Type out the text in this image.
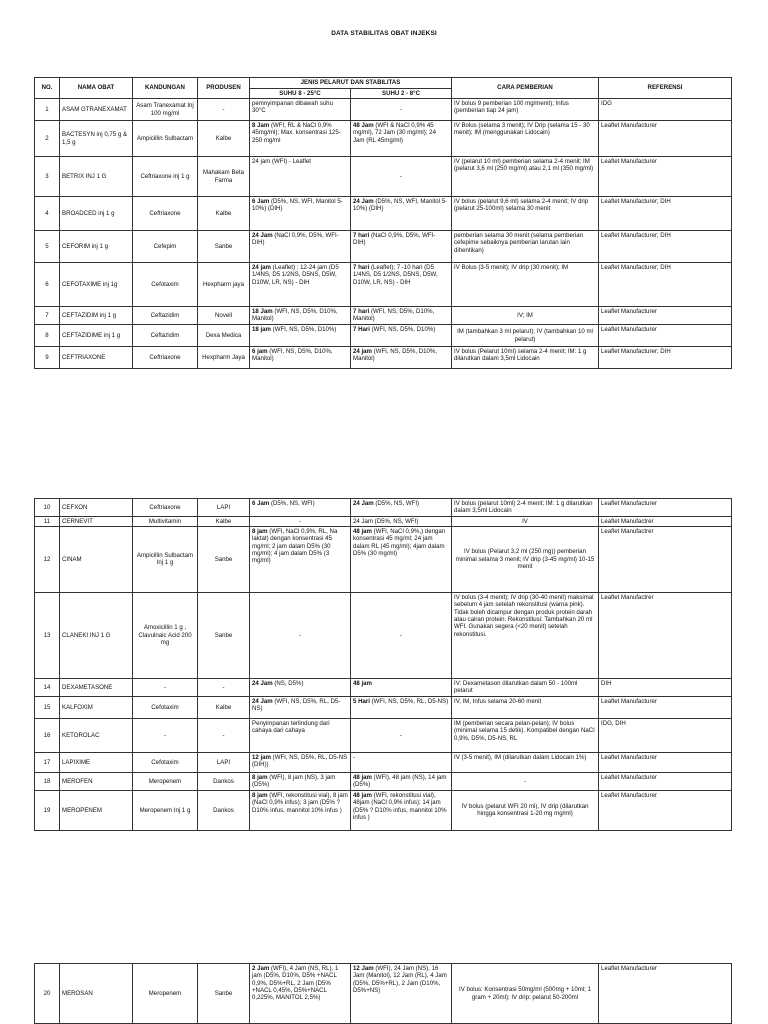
DATA STABILITAS OBAT INJEKSI
NO.	NAMA OBAT	KANDUNGAN	PRODUSEN	JENIS PELARUT DAN STABILITAS		CARA PEMBERIAN	REFERENSI
				SUHU 8 - 25°C	SUHU 2 - 8°C		
1	ASAM GTRANEXAMAT	Asam Tranexamat Inj 100 mg/ml	-	pemnyimpanan dibawah suhu 30°C	-	IV bolus 9 pemberian 100 mg/menit); Infus (pemberian tiap 24 jam)	IDG
2	BACTESYN inj 0,75 g & 1,5 g	Ampicillin Sulbactam	Kalbe	8 Jam (WFI, RL & NaCl 0,9% 45mg/ml); Max. konsentrasi 125-250 mg/ml	48 Jam (WFI & NaCl 0,9% 45 mg/ml), 72 Jam (30 mg/ml); 24 Jam (RL 45mg/ml)	IV Bolus (selama 3 menit); IV Drip (selama 15 - 30 menit); IM (menggunakan Lidocain)	Leaflet Manufacturer
3	BETRIX INJ 1 G	Ceftriaxone inj 1 g	Mahakam Beta Farma	24 jam (WFI) - Leaflet	-	IV (pelarut 10 ml) pemberian selama 2-4 menit; IM (pelarut 3,6 ml (250 mg/ml) atau 2,1 ml (350 mg/ml)	Leaflet Manufacturer
4	BROADCED inj 1 g	Ceftriaxone	Kalbe	6 Jam (D5%, NS, WFI, Manitol 5-10%) (DIH)	24 Jam (D5%, NS, WFI, Manitol 5-10%) (DIH)	IV bolus (pelarut 9,6 ml) selama 2-4 menit; IV drip (pelarut 25-100ml) selama 30 menit	Leaflet Manufacturer; DIH
5	CEFORIM inj 1 g	Cefepim	Sanbe	24 Jam (NaCl 0,9%, D5%, WFI- DIH)	7 hari (NaCl 0,9%, D5%, WFI- DIH)	pemberian selama 30 menit (selama pemberian cefepime sebaiknya pemberian larutan lain dihentikan)	Leaflet Manufacturer; DIH
6	CEFOTAXIME inj 1g	Cefotaxim	Hexpharm jaya	24 jam (Leaflet) ; 12-24 jam (D5 1/4NS, D5 1/2NS, D5NS, D5W, D10W, LR, NS) - DIH	7 hari (Leaflet); 7 -10 hari (D5 1/4NS, D5 1/2NS, D5NS, D5W, D10W, LR, NS) - DIH	IV Bolus (3-5 menit); IV drip (30 menit); IM	Leaflet Manufacturer; DIH
7	CEFTAZIDIM inj 1 g	Ceftazidim	Novell	18 Jam (WFI, NS, D5%, D10%, Manitol)	7 hari (WFI, NS, D5%, D10%, Manitol)	IV; IM	Leaflet Manufacturer
8	CEFTAZIDIME inj 1 g	Ceftazidim	Dexa Medica	18 jam (WFI, NS, D5%, D10%)	7 Hari (WFI, NS, D5%, D10%)	IM (tambahkan 3 ml pelarut); IV (tambahkan 10 ml pelarut)	Leaflet Manufacturer
9	CEFTRIAXONE	Ceftriaxone	Hexpharm Jaya	6 jam (WFI, NS, D5%, D10%, Manitol)	24 jam (WFI, NS, D5%, D10%, Manitol)	IV bolus (Pelarut 10ml) selama 2-4 menit; IM: 1 g dilarutkan dalam 3,5ml Lidocain	Leaflet Manufacturer; DIH
10	CEFXON	Ceftriaxone	LAPI	6 Jam (D5%, NS, WFI)	24 Jam (D5%, NS, WFI)	IV bolus (pelarut 10ml) 2-4 menit; IM: 1 g dilarutkan dalam 3,5ml Lidocain	Leaflet Manufacturer
11	CERNEVIT	Multivitamin	Kalbe	-	24 Jam (D5%, NS, WFI)	IV	Leaflet Manufactrer
12	CINAM	Ampicillin Sulbactam Inj 1 g	Sanbe	8 jam (WFI, NaCl 0,9%, RL, Na laktat) dengan konsentrasi 45 mg/ml; 2 jam dalam D5% (30 mg/ml); 4 jam dalam D5% (3 mg/ml)	48 jam (WFI, NaCl 0,9%,) dengan konsentrasi 45 mg/ml; 24 jam dalam RL (45 mg/ml); 4jam dalam D5% (30 mg/ml)	IV bolus (Pelarut 3,2 ml (250 mg)) pemberian minimal selama 3 menit; IV drip (3-45 mg/ml) 10-15 menit	Leaflet Manufactrer
13	CLANEKI INJ 1 G	Amoxicillin 1 g , Clavulnaic Acid 200 mg	Sanbe	-	-	IV bolus (3-4 menit); IV drip (30-40 menit) maksimal sebelum 4 jam setelah rekonstitusi (warna pink). Tidak boleh dicampur dengan produk protein darah atau cairan protein. Rekonstitusi: Tambahkan 20 ml WFI. Gunakan segera (<20 menit) setelah rekonstitusi.	Leaflet Manufactrer
14	DEXAMETASONE	-	-	24 Jam (NS, D5%)	48 jam	IV: Dexametason dilarutkan dalam 50 - 100ml pelarut	DIH
15	KALFOXIM	Cefotaxim	Kalbe	24 Jam (WFI, NS, D5%, RL, D5-NS)	5 Hari (WFI, NS, D5%, RL, D5-NS)	IV, IM, Infus selama 20-60 menit	Leaflet Manufacturer
16	KETOROLAC	-	-	Penyimpanan terlindung dari cahaya dari cahaya	-	IM (pemberian secara pelan-pelan); IV bolus (minimal selama 15 detik). Kompatibel dengan NaCl 0,9%, D5%, D5-NS, RL	IDG, DIH
17	LAPIXIME	Cefotaxim	LAPI	12 jam (WFI, NS, D5%, RL, D5-NS (DIH))	-	IV (3-5 menit), IM (dilarutkan dalam Lidocain 1%)	Leaflet Manufacturer
18	MEROFEN	Meropenem	Dankos	8 jam (WFI), 8 jam (NS), 3 jam (D5%)	48 jam (WFI), 48 jam (NS), 14 jam (D5%)	-	Leaflet Manufacturer
19	MEROPENEM	Meropenem Inj 1 g	Dankos	8 jam (WFI, rekonstitusi vial), 8 jam (NaCl 0,9% infus); 3 jam (D5% ? D10% infus, mannitol 10% infus )	48 jam (WFI, rekonstitusi vial), 48jam (NaCl 0,9% infus); 14 jam (D5% ? D10% infus, mannitol 10% infus )	IV bolus (pelarut WFI 20 ml), IV drip (dilarutkan hingga konsentrasi 1-20 mg mg/ml)	Leaflet Manufacturer
20	MEROSAN	Meropenem	Sanbe	2 Jam (WFI), 4 Jam (NS, RL), 1 jam (D5%, D10%, D5% +NACL 0,9%, D5%+RL, 2 Jam (D5% +NACL 0,45%, D5%+NACL 0,225%, MANITOL 2,5%)	12 Jam (WFI), 24 Jam (NS), 16 Jam (Manitol), 12 Jam (RL), 4 Jam (D5%, D5%+RL), 2 Jam (D10%, D5%+NS)	IV bolus: Konsentrasi 50mg/ml (500mg + 10ml; 1 gram + 20ml); IV drip: pelarut 50-200ml	Leaflet Manufacturer
